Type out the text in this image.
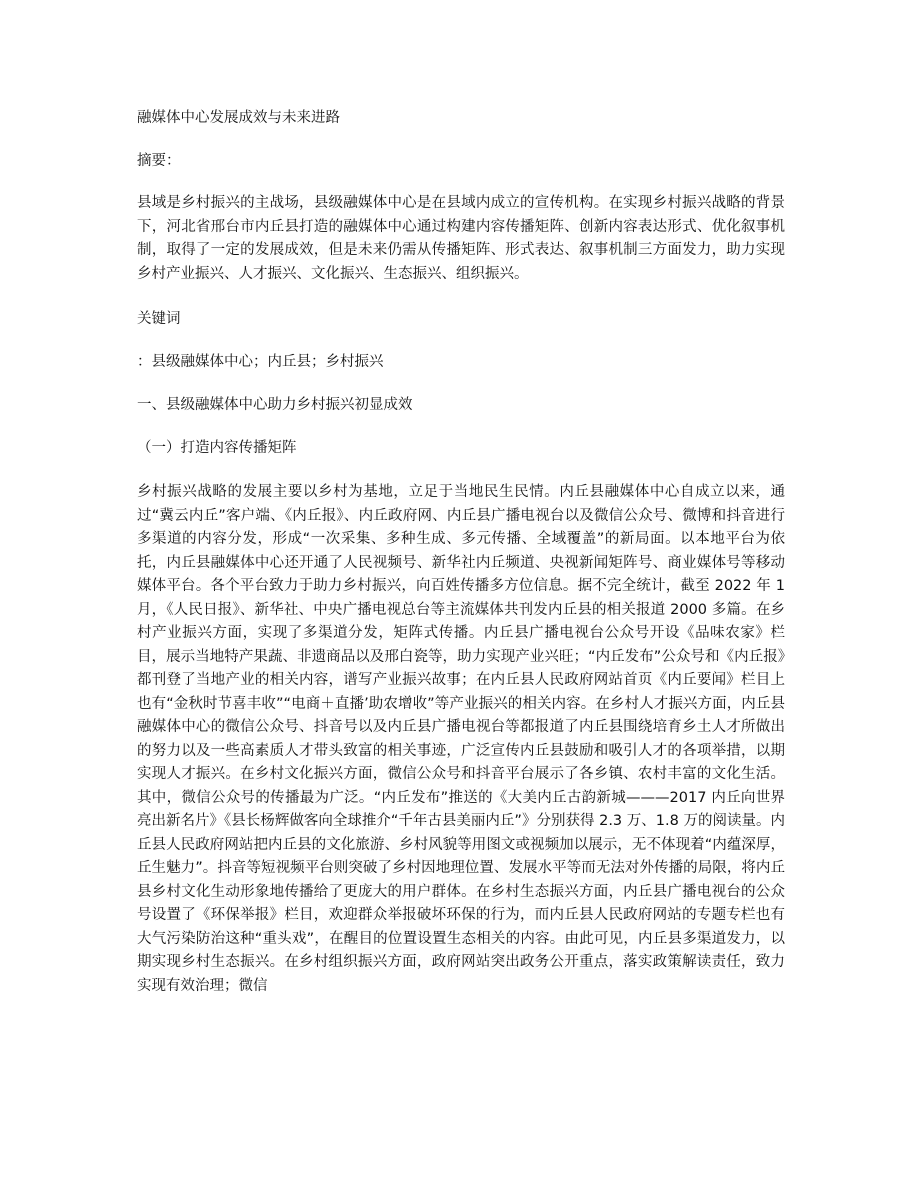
融媒体中心发展成效与未来进路

摘要：

县域是乡村振兴的主战场，县级融媒体中心是在县域内成立的宣传机构。在实现乡村振兴战略的背景下，河北省邢台市内丘县打造的融媒体中心通过构建内容传播矩阵、创新内容表达形式、优化叙事机制，取得了一定的发展成效，但是未来仍需从传播矩阵、形式表达、叙事机制三方面发力，助力实现乡村产业振兴、人才振兴、文化振兴、生态振兴、组织振兴。

关键词

：县级融媒体中心；内丘县；乡村振兴

一、县级融媒体中心助力乡村振兴初显成效

（一）打造内容传播矩阵

乡村振兴战略的发展主要以乡村为基地，立足于当地民生民情。内丘县融媒体中心自成立以来，通过“冀云内丘”客户端、《内丘报》、内丘政府网、内丘县广播电视台以及微信公众号、微博和抖音进行多渠道的内容分发，形成“一次采集、多种生成、多元传播、全域覆盖”的新局面。以本地平台为依托，内丘县融媒体中心还开通了人民视频号、新华社内丘频道、央视新闻矩阵号、商业媒体号等移动媒体平台。各个平台致力于助力乡村振兴，向百姓传播多方位信息。据不完全统计，截至 2022 年 1 月，《人民日报》、新华社、中央广播电视总台等主流媒体共刊发内丘县的相关报道 2000 多篇。在乡村产业振兴方面，实现了多渠道分发，矩阵式传播。内丘县广播电视台公众号开设《品味农家》栏目，展示当地特产果蔬、非遗商品以及邢白瓷等，助力实现产业兴旺；“内丘发布”公众号和《内丘报》都刊登了当地产业的相关内容，谱写产业振兴故事；在内丘县人民政府网站首页《内丘要闻》栏目上也有“金秋时节喜丰收”“电商＋直播’助农增收”等产业振兴的相关内容。在乡村人才振兴方面，内丘县融媒体中心的微信公众号、抖音号以及内丘县广播电视台等都报道了内丘县围绕培育乡土人才所做出的努力以及一些高素质人才带头致富的相关事迹，广泛宣传内丘县鼓励和吸引人才的各项举措，以期实现人才振兴。在乡村文化振兴方面，微信公众号和抖音平台展示了各乡镇、农村丰富的文化生活。其中，微信公众号的传播最为广泛。“内丘发布”推送的《大美内丘古韵新城———2017 内丘向世界亮出新名片》《县长杨辉做客向全球推介“千年古县美丽内丘”》分别获得 2.3 万、1.8 万的阅读量。内丘县人民政府网站把内丘县的文化旅游、乡村风貌等用图文或视频加以展示，无不体现着“内蕴深厚，丘生魅力”。抖音等短视频平台则突破了乡村因地理位置、发展水平等而无法对外传播的局限，将内丘县乡村文化生动形象地传播给了更庞大的用户群体。在乡村生态振兴方面，内丘县广播电视台的公众号设置了《环保举报》栏目，欢迎群众举报破坏环保的行为，而内丘县人民政府网站的专题专栏也有大气污染防治这种“重头戏”，在醒目的位置设置生态相关的内容。由此可见，内丘县多渠道发力，以期实现乡村生态振兴。在乡村组织振兴方面，政府网站突出政务公开重点，落实政策解读责任，致力实现有效治理；微信
